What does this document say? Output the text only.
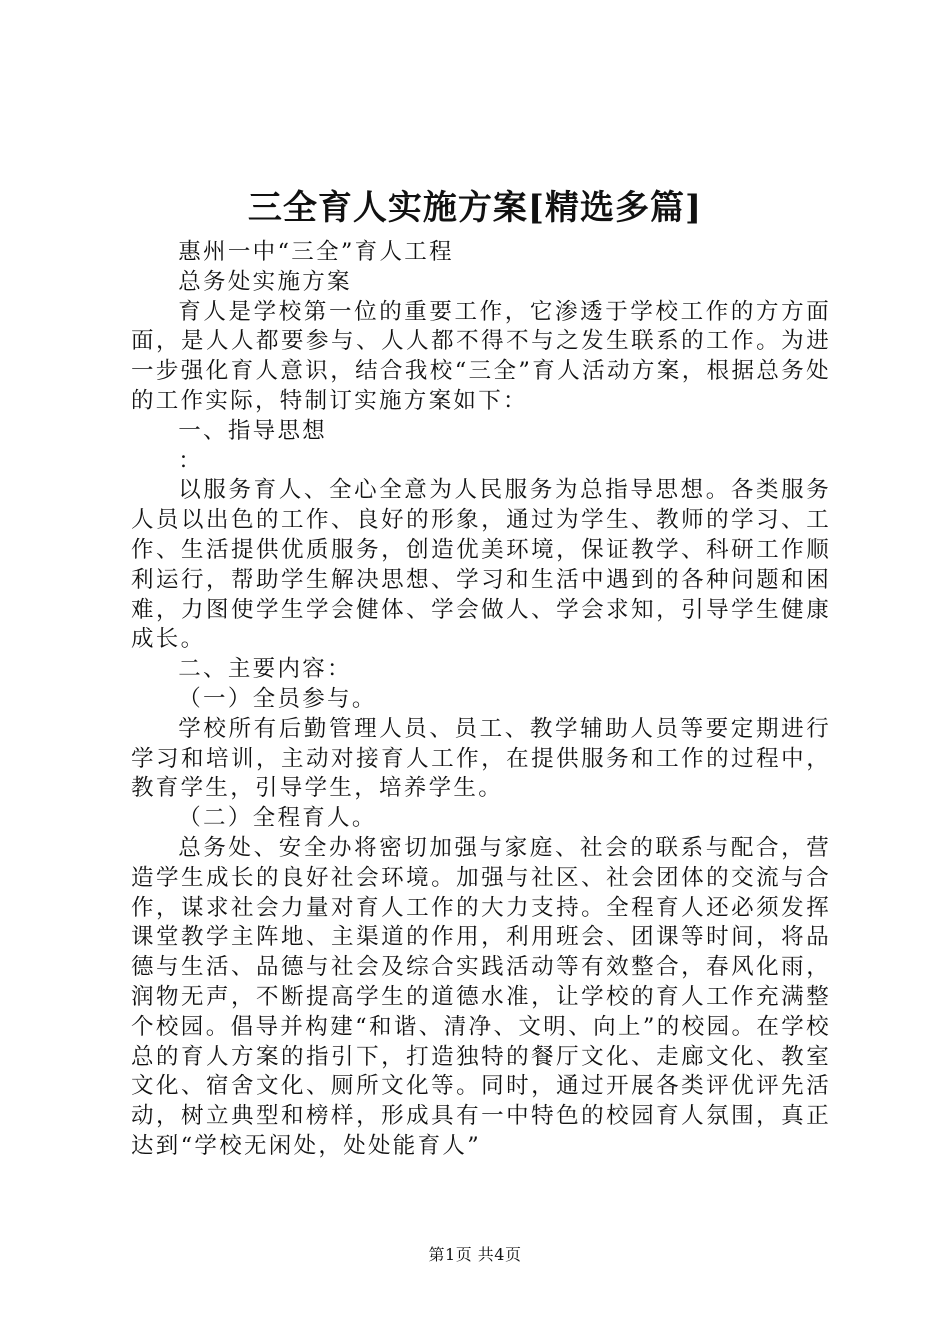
三全育人实施方案[精选多篇]

惠州一中“三全”育人工程

总务处实施方案

育人是学校第一位的重要工作，它渗透于学校工作的方方面面，是人人都要参与、人人都不得不与之发生联系的工作。为进一步强化育人意识，结合我校“三全”育人活动方案，根据总务处的工作实际，特制订实施方案如下：

一、指导思想

：

以服务育人、全心全意为人民服务为总指导思想。各类服务人员以出色的工作、良好的形象，通过为学生、教师的学习、工作、生活提供优质服务，创造优美环境，保证教学、科研工作顺利运行，帮助学生解决思想、学习和生活中遇到的各种问题和困难，力图使学生学会健体、学会做人、学会求知，引导学生健康成长。

二、主要内容：

（一）全员参与。

学校所有后勤管理人员、员工、教学辅助人员等要定期进行学习和培训，主动对接育人工作，在提供服务和工作的过程中，教育学生，引导学生，培养学生。

（二）全程育人。

总务处、安全办将密切加强与家庭、社会的联系与配合，营造学生成长的良好社会环境。加强与社区、社会团体的交流与合作，谋求社会力量对育人工作的大力支持。全程育人还必须发挥课堂教学主阵地、主渠道的作用，利用班会、团课等时间，将品德与生活、品德与社会及综合实践活动等有效整合，春风化雨，润物无声，不断提高学生的道德水准，让学校的育人工作充满整个校园。倡导并构建“和谐、清净、文明、向上”的校园。在学校总的育人方案的指引下，打造独特的餐厅文化、走廊文化、教室文化、宿舍文化、厕所文化等。同时，通过开展各类评优评先活动，树立典型和榜样，形成具有一中特色的校园育人氛围，真正达到“学校无闲处，处处能育人”

第1页 共4页
